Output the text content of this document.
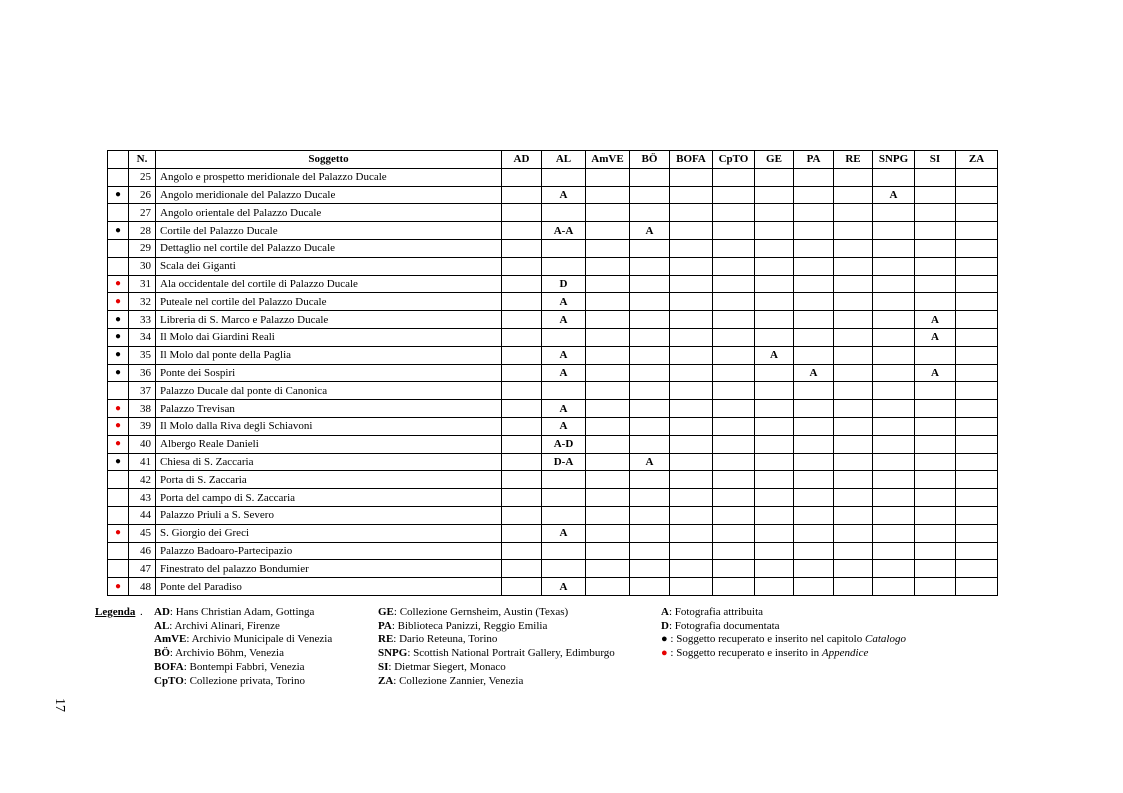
	N.	Soggetto	AD	AL	AmVE	BÖ	BOFA	CpTO	GE	PA	RE	SNPG	SI	ZA
	25	Angolo e prospetto meridionale del Palazzo Ducale												
●	26	Angolo meridionale del Palazzo Ducale		A								A		
	27	Angolo orientale del Palazzo Ducale												
●	28	Cortile del Palazzo Ducale		A-A		A								
	29	Dettaglio nel cortile del Palazzo Ducale												
	30	Scala dei Giganti												
●	31	Ala occidentale del cortile di Palazzo Ducale		D										
●	32	Puteale nel cortile del Palazzo Ducale		A										
●	33	Libreria di S. Marco e Palazzo Ducale		A									A	
●	34	Il Molo dai Giardini Reali											A	
●	35	Il Molo dal ponte della Paglia		A					A					
●	36	Ponte dei Sospiri		A						A			A	
	37	Palazzo Ducale dal ponte di Canonica												
●	38	Palazzo Trevisan		A										
●	39	Il Molo dalla Riva degli Schiavoni		A										
●	40	Albergo Reale Danieli		A-D										
●	41	Chiesa di S. Zaccaria		D-A		A								
	42	Porta di S. Zaccaria												
	43	Porta del campo di S. Zaccaria												
	44	Palazzo Priuli a S. Severo												
●	45	S. Giorgio dei Greci		A										
	46	Palazzo Badoaro-Partecipazio												
	47	Finestrato del palazzo Bondumier												
●	48	Ponte del Paradiso		A										
Legenda . AD: Hans Christian Adam, Gottinga
AL: Archivi Alinari, Firenze
AmVE: Archivio Municipale di Venezia
BÖ: Archivio Böhm, Venezia
BOFA: Bontempi Fabbri, Venezia
CpTO: Collezione privata, Torino
GE: Collezione Gernsheim, Austin (Texas)
PA: Biblioteca Panizzi, Reggio Emilia
RE: Dario Reteuna, Torino
SNPG: Scottish National Portrait Gallery, Edimburgo
SI: Dietmar Siegert, Monaco
ZA: Collezione Zannier, Venezia
A: Fotografia attribuita
D: Fotografia documentata
● : Soggetto recuperato e inserito nel capitolo Catalogo
● : Soggetto recuperato e inserito in Appendice
17
